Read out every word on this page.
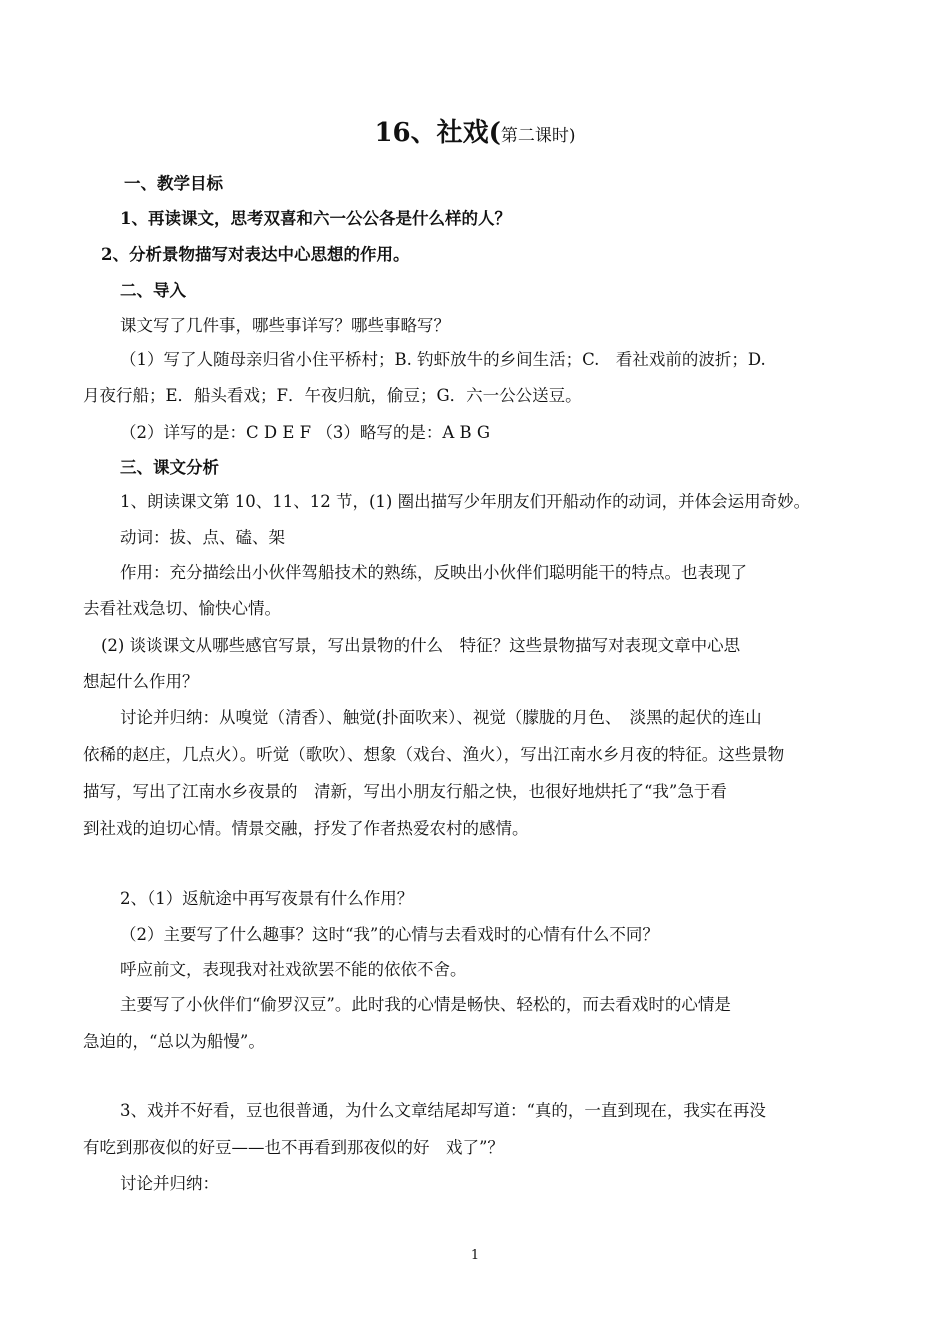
16、社戏(第二课时)
一、教学目标
1、再读课文，思考双喜和六一公公各是什么样的人？
2、分析景物描写对表达中心思想的作用。
二、导入
课文写了几件事，哪些事详写？哪些事略写？
（1）写了人随母亲归省小住平桥村；B. 钓虾放牛的乡间生活；C.　看社戏前的波折；D.
月夜行船；E．船头看戏；F．午夜归航，偷豆；G．六一公公送豆。
（2）详写的是：C D E F （3）略写的是：A B G
三、课文分析
1、朗读课文第 10、11、12 节，(1) 圈出描写少年朋友们开船动作的动词，并体会运用奇妙。
动词：拔、点、磕、架
作用：充分描绘出小伙伴驾船技术的熟练，反映出小伙伴们聪明能干的特点。也表现了
去看社戏急切、愉快心情。
(2) 谈谈课文从哪些感官写景，写出景物的什么　特征？这些景物描写对表现文章中心思
想起什么作用？
讨论并归纳：从嗅觉（清香）、触觉(扑面吹来）、视觉（朦胧的月色、　淡黑的起伏的连山
依稀的赵庄，几点火）。听觉（歌吹）、想象（戏台、渔火），写出江南水乡月夜的特征。这些景物
描写，写出了江南水乡夜景的　清新，写出小朋友行船之快，也很好地烘托了“我”急于看
到社戏的迫切心情。情景交融，抒发了作者热爱农村的感情。
2、（1）返航途中再写夜景有什么作用？
（2）主要写了什么趣事？这时“我”的心情与去看戏时的心情有什么不同？
呼应前文，表现我对社戏欲罢不能的依依不舍。
主要写了小伙伴们“偷罗汉豆”。此时我的心情是畅快、轻松的，而去看戏时的心情是
急迫的，“总以为船慢”。
3、戏并不好看，豆也很普通，为什么文章结尾却写道：“真的，一直到现在，我实在再没
有吃到那夜似的好豆——也不再看到那夜似的好　戏了”？
讨论并归纳：
1
